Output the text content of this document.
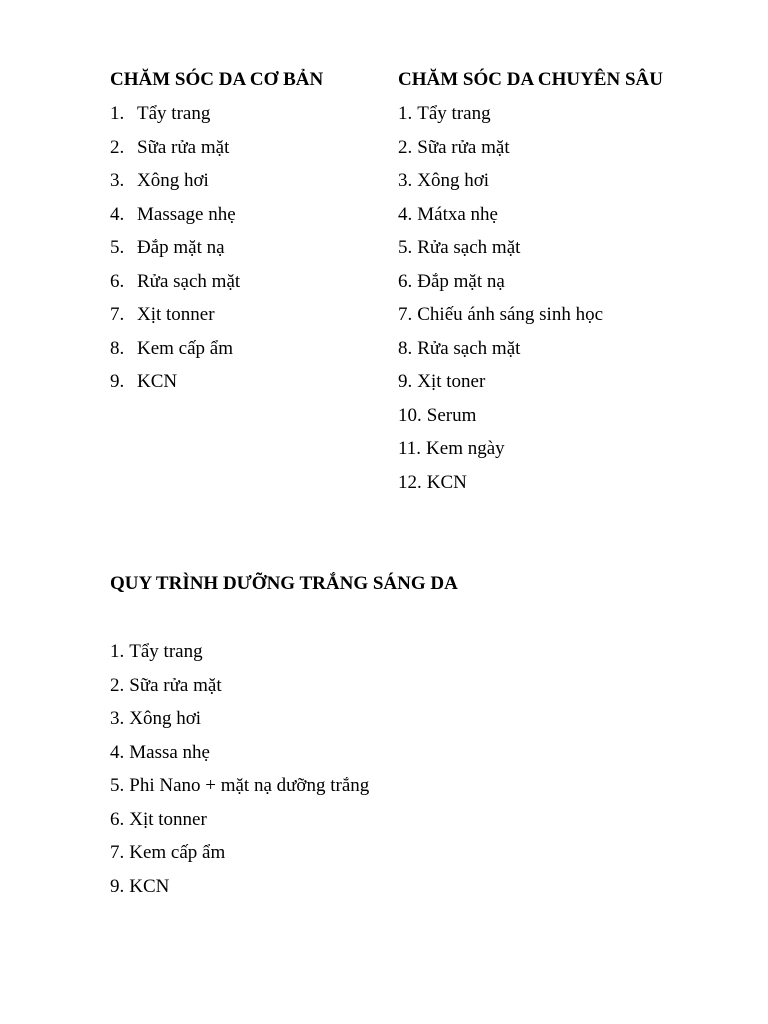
CHĂM SÓC DA CƠ BẢN
1. Tẩy trang
2. Sữa rửa mặt
3. Xông hơi
4. Massage nhẹ
5. Đắp mặt nạ
6. Rửa sạch mặt
7. Xịt tonner
8. Kem cấp ẩm
9. KCN
CHĂM SÓC DA CHUYÊN SÂU
1. Tẩy trang
2. Sữa rửa mặt
3. Xông hơi
4. Mátxa nhẹ
5. Rửa sạch mặt
6. Đắp mặt nạ
7. Chiếu ánh sáng sinh học
8. Rửa sạch mặt
9. Xịt toner
10. Serum
11. Kem ngày
12. KCN
QUY TRÌNH DƯỠNG TRẮNG SÁNG DA
1. Tẩy trang
2. Sữa rửa mặt
3. Xông hơi
4. Massa nhẹ
5. Phi Nano + mặt nạ dưỡng trắng
6. Xịt tonner
7. Kem cấp ẩm
9. KCN
